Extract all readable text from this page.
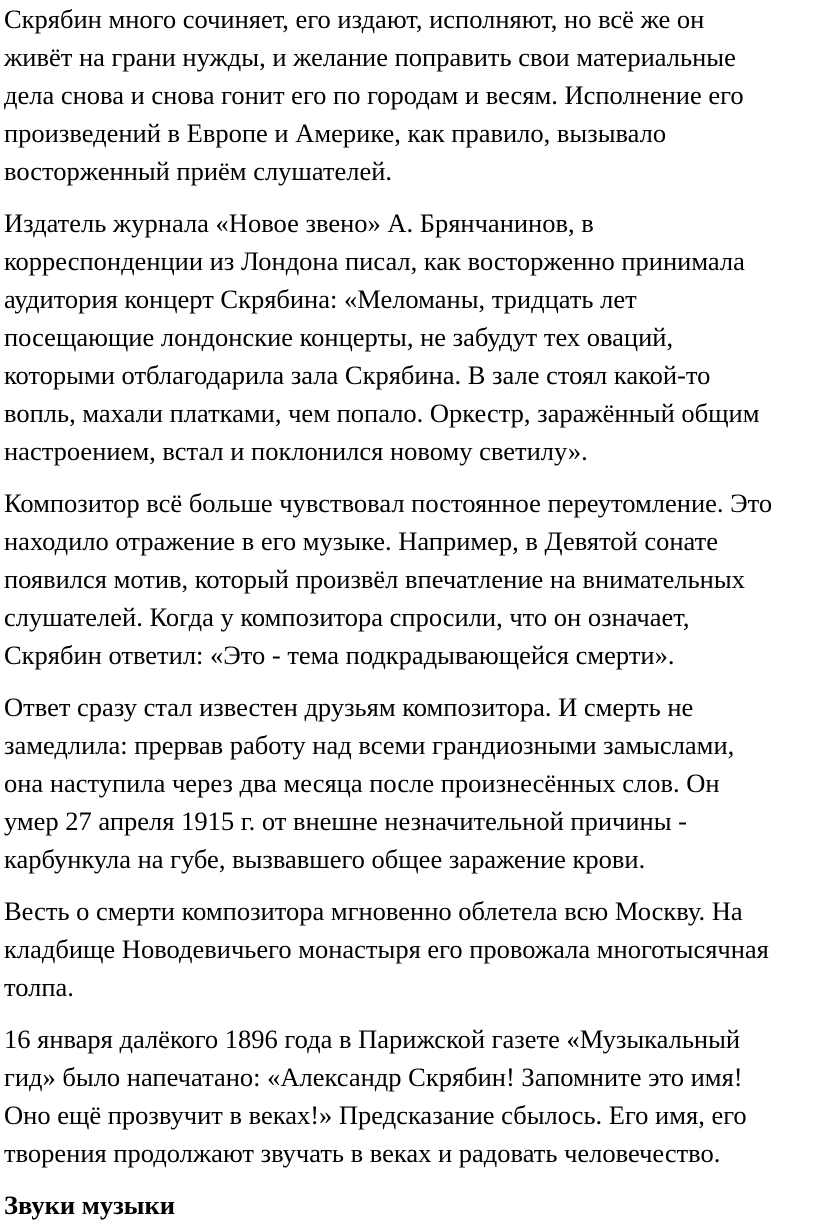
Скрябин много сочиняет, его издают, исполняют, но всё же он
живёт на грани нужды, и желание поправить свои материальные
дела снова и снова гонит его по городам и весям. Исполнение его
произведений в Европе и Америке, как правило, вызывало
восторженный приём слушателей.

Издатель журнала «Новое звено» А. Брянчанинов, в
корреспонденции из Лондона писал, как восторженно принимала
аудитория концерт Скрябина: «Меломаны, тридцать лет
посещающие лондонские концерты, не забудут тех оваций,
которыми отблагодарила зала Скрябина. В зале стоял какой-то
вопль, махали платками, чем попало. Оркестр, заражённый общим
настроением, встал и поклонился новому светилу».

Композитор всё больше чувствовал постоянное переутомление. Это
находило отражение в его музыке. Например, в Девятой сонате
появился мотив, который произвёл впечатление на внимательных
слушателей. Когда у композитора спросили, что он означает,
Скрябин ответил: «Это - тема подкрадывающейся смерти».

Ответ сразу стал известен друзьям композитора. И смерть не
замедлила: прервав работу над всеми грандиозными замыслами,
она наступила через два месяца после произнесённых слов. Он
умер 27 апреля 1915 г. от внешне незначительной причины -
карбункула на губе, вызвавшего общее заражение крови.

Весть о смерти композитора мгновенно облетела всю Москву. На
кладбище Новодевичьего монастыря его провожала многотысячная
толпа.

16 января далёкого 1896 года в Парижской газете «Музыкальный
гид» было напечатано: «Александр Скрябин! Запомните это имя!
Оно ещё прозвучит в веках!» Предсказание сбылось. Его имя, его
творения продолжают звучать в веках и радовать человечество.

Звуки музыки
